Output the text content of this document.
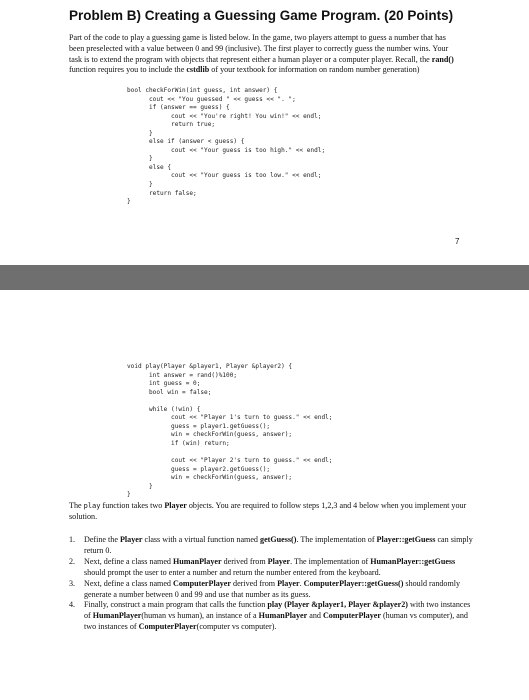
Problem B) Creating a Guessing Game Program. (20 Points)
Part of the code to play a guessing game is listed below. In the game, two players attempt to guess a number that has been preselected with a value between 0 and 99 (inclusive). The first player to correctly guess the number wins. Your task is to extend the program with objects that represent either a human player or a computer player. Recall, the rand() function requires you to include the cstdlib of your textbook for information on random number generation)
bool checkForWin(int guess, int answer) {
cout << "You guessed " << guess << ". ";
if (answer == guess) {
cout << "You're right! You win!" << endl;
return true;
}
else if (answer < guess) {
cout << "Your guess is too high." << endl;
}
else {
cout << "Your guess is too low." << endl;
}
return false;
}
7
void play(Player &player1, Player &player2) {
int answer = rand()%100;
int guess = 0;
bool win = false;

while (!win) {
cout << "Player 1's turn to guess." << endl;
guess = player1.getGuess();
win = checkForWin(guess, answer);
if (win) return;

cout << "Player 2's turn to guess." << endl;
guess = player2.getGuess();
win = checkForWin(guess, answer);
}
}
The play function takes two Player objects. You are required to follow steps 1,2,3 and 4 below when you implement your solution.
1. Define the Player class with a virtual function named getGuess(). The implementation of Player::getGuess can simply return 0.
2. Next, define a class named HumanPlayer derived from Player. The implementation of HumanPlayer::getGuess should prompt the user to enter a number and return the number entered from the keyboard.
3. Next, define a class named ComputerPlayer derived from Player. ComputerPlayer::getGuess() should randomly generate a number between 0 and 99 and use that number as its guess.
4. Finally, construct a main program that calls the function play (Player &player1, Player &player2) with two instances of HumanPlayer(human vs human), an instance of a HumanPlayer and ComputerPlayer (human vs computer), and two instances of ComputerPlayer(computer vs computer).
